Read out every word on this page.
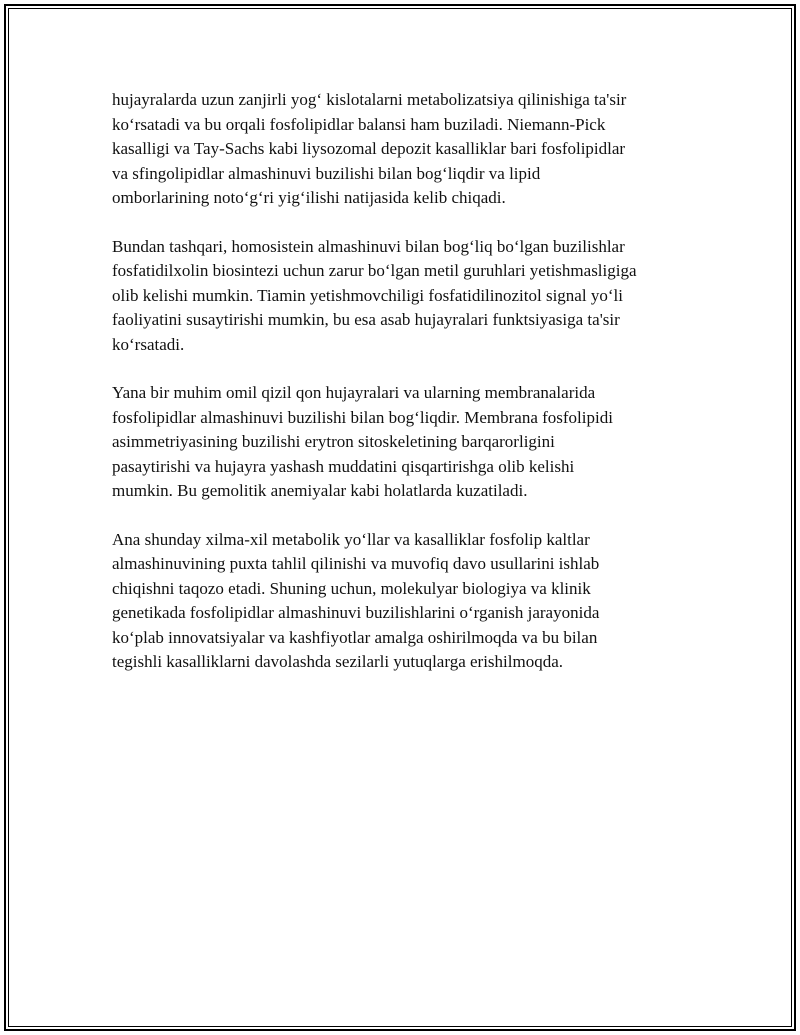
hujayralarda uzun zanjirli yog‘ kislotalarni metabolizatsiya qilinishiga ta'sir
ko‘rsatadi va bu orqali fosfolipidlar balansi ham buziladi. Niemann-Pick
kasalligi va Tay-Sachs kabi liysozomal depozit kasalliklar bari fosfolipidlar
va sfingolipidlar almashinuvi buzilishi bilan bog‘liqdir va lipid
omborlarining noto‘g‘ri yig‘ilishi natijasida kelib chiqadi.

Bundan tashqari, homosistein almashinuvi bilan bog‘liq bo‘lgan buzilishlar
fosfatidilxolin biosintezi uchun zarur bo‘lgan metil guruhlari yetishmasligiga
olib kelishi mumkin. Tiamin yetishmovchiligi fosfatidilinozitol signal yo‘li
faoliyatini susaytirishi mumkin, bu esa asab hujayralari funktsiyasiga ta'sir
ko‘rsatadi.

Yana bir muhim omil qizil qon hujayralari va ularning membranalarida
fosfolipidlar almashinuvi buzilishi bilan bog‘liqdir. Membrana fosfolipidi
asimmetriyasining buzilishi erytron sitoskeletining barqarorligini
pasaytirishi va hujayra yashash muddatini qisqartirishga olib kelishi
mumkin. Bu gemolitik anemiyalar kabi holatlarda kuzatiladi.

Ana shunday xilma-xil metabolik yo‘llar va kasalliklar fosfolip kaltlar
almashinuvining puxta tahlil qilinishi va muvofiq davo usullarini ishlab
chiqishni taqozo etadi. Shuning uchun, molekulyar biologiya va klinik
genetikada fosfolipidlar almashinuvi buzilishlarini o‘rganish jarayonida
ko‘plab innovatsiyalar va kashfiyotlar amalga oshirilmoqda va bu bilan
tegishli kasalliklarni davolashda sezilarli yutuqlarga erishilmoqda.
